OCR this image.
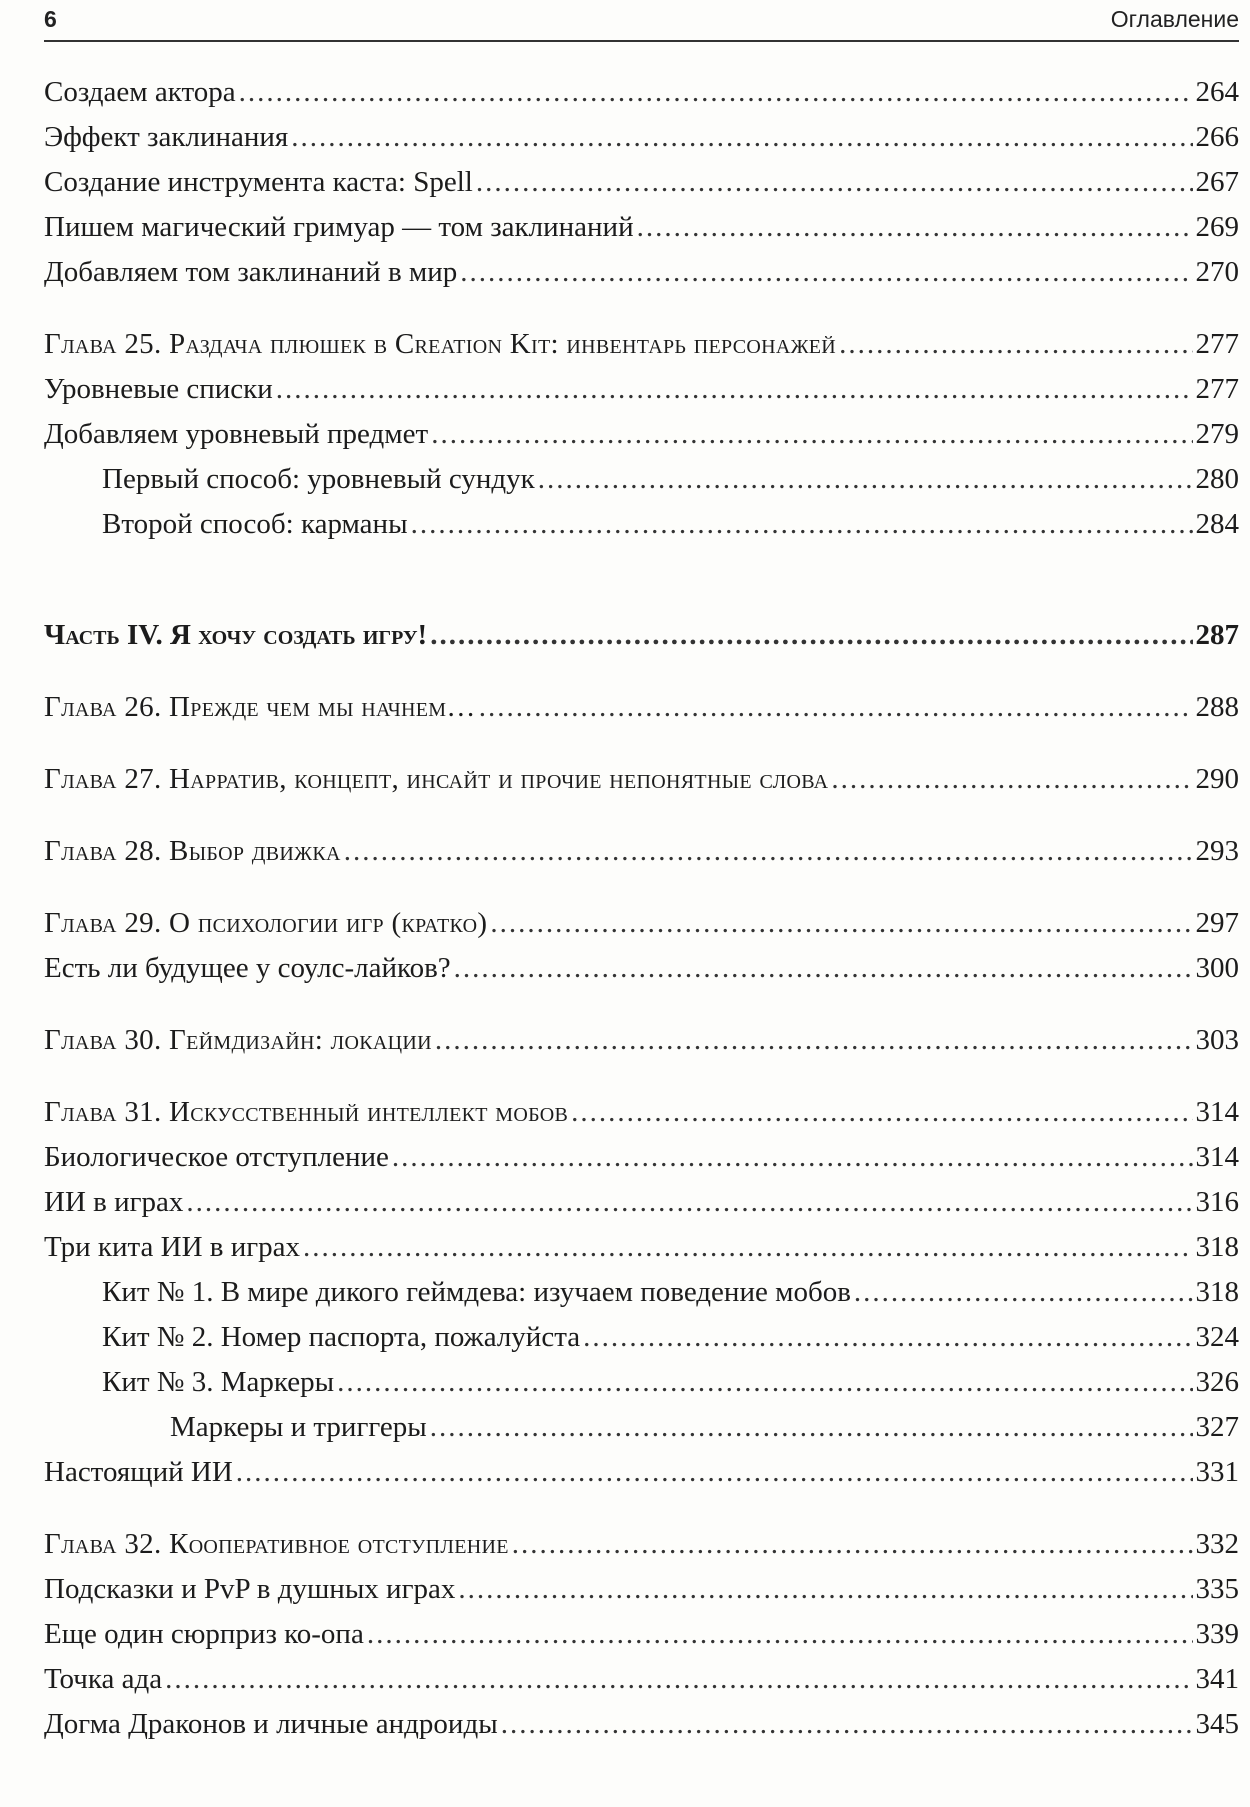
6	Оглавление
Создаем актора .....	264
Эффект заклинания .....	266
Создание инструмента каста: Spell .....	267
Пишем магический гримуар — том заклинаний .....	269
Добавляем том заклинаний в мир .....	270
Глава 25. Раздача плюшек в Creation Kit: инвентарь персонажей .....	277
Уровневые списки .....	277
Добавляем уровневый предмет .....	279
Первый способ: уровневый сундук .....	280
Второй способ: карманы .....	284
Часть IV. Я хочу создать игру! .....	287
Глава 26. Прежде чем мы начнем… .....	288
Глава 27. Нарратив, концепт, инсайт и прочие непонятные слова .....	290
Глава 28. Выбор движка .....	293
Глава 29. О психологии игр (кратко) .....	297
Есть ли будущее у соулс-лайков? .....	300
Глава 30. Геймдизайн: локации .....	303
Глава 31. Искусственный интеллект мобов .....	314
Биологическое отступление .....	314
ИИ в играх .....	316
Три кита ИИ в играх .....	318
Кит № 1. В мире дикого геймдева: изучаем поведение мобов .....	318
Кит № 2. Номер паспорта, пожалуйста .....	324
Кит № 3. Маркеры .....	326
Маркеры и триггеры .....	327
Настоящий ИИ .....	331
Глава 32. Кооперативное отступление .....	332
Подсказки и PvP в душных играх .....	335
Еще один сюрприз ко-опа .....	339
Точка ада .....	341
Догма Драконов и личные андроиды .....	345
